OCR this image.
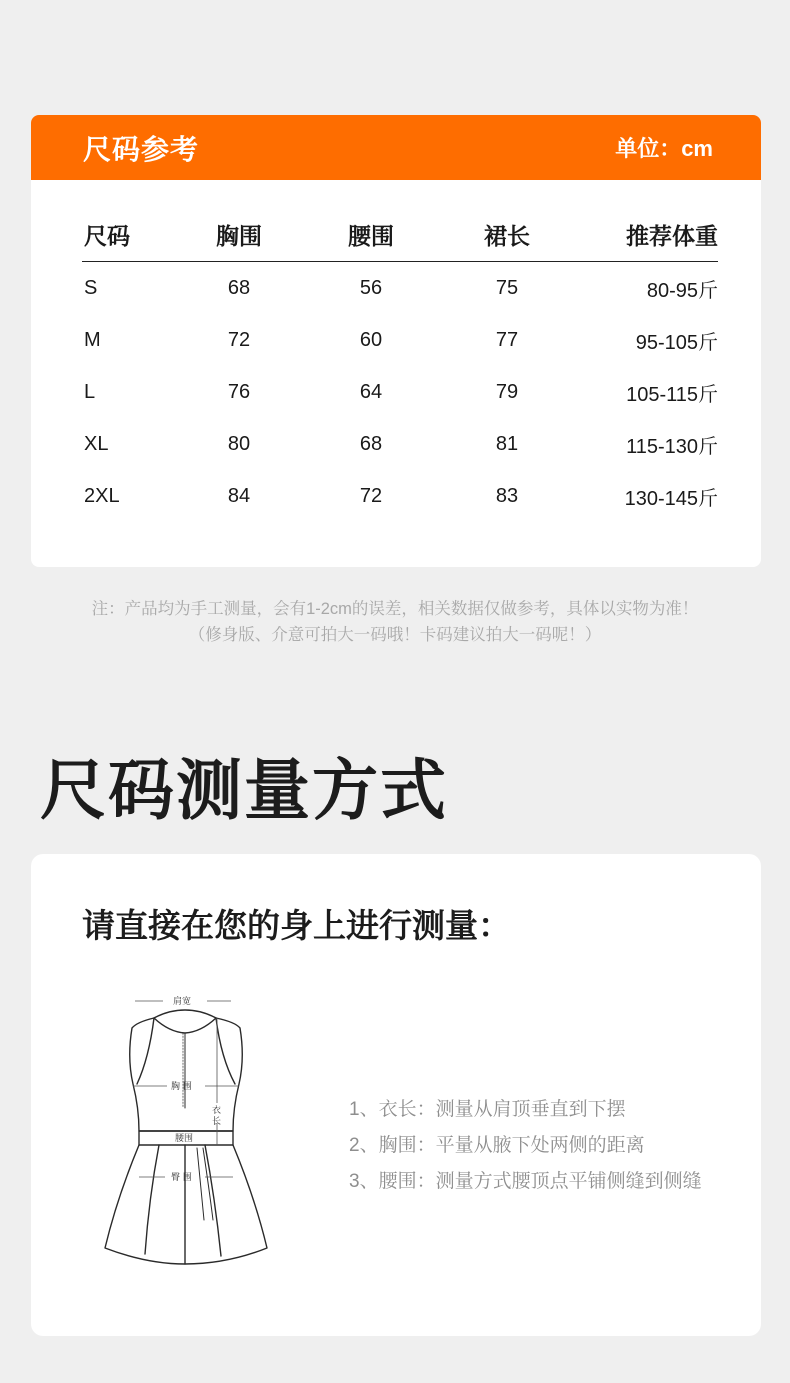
尺码参考	单位：cm
尺码	胸围	腰围	裙长	推荐体重
S	68	56	75	80-95斤
M	72	60	77	95-105斤
L	76	64	79	105-115斤
XL	80	68	81	115-130斤
2XL	84	72	83	130-145斤
注：产品均为手工测量，会有1-2cm的误差，相关数据仅做参考，具体以实物为准！
（修身版、介意可拍大一码哦！卡码建议拍大一码呢！）
尺码测量方式
请直接在您的身上进行测量：
肩宽
胸 围
衣
长
腰围
臀 围
1、衣长：测量从肩顶垂直到下摆
2、胸围：平量从腋下处两侧的距离
3、腰围：测量方式腰顶点平铺侧缝到侧缝
